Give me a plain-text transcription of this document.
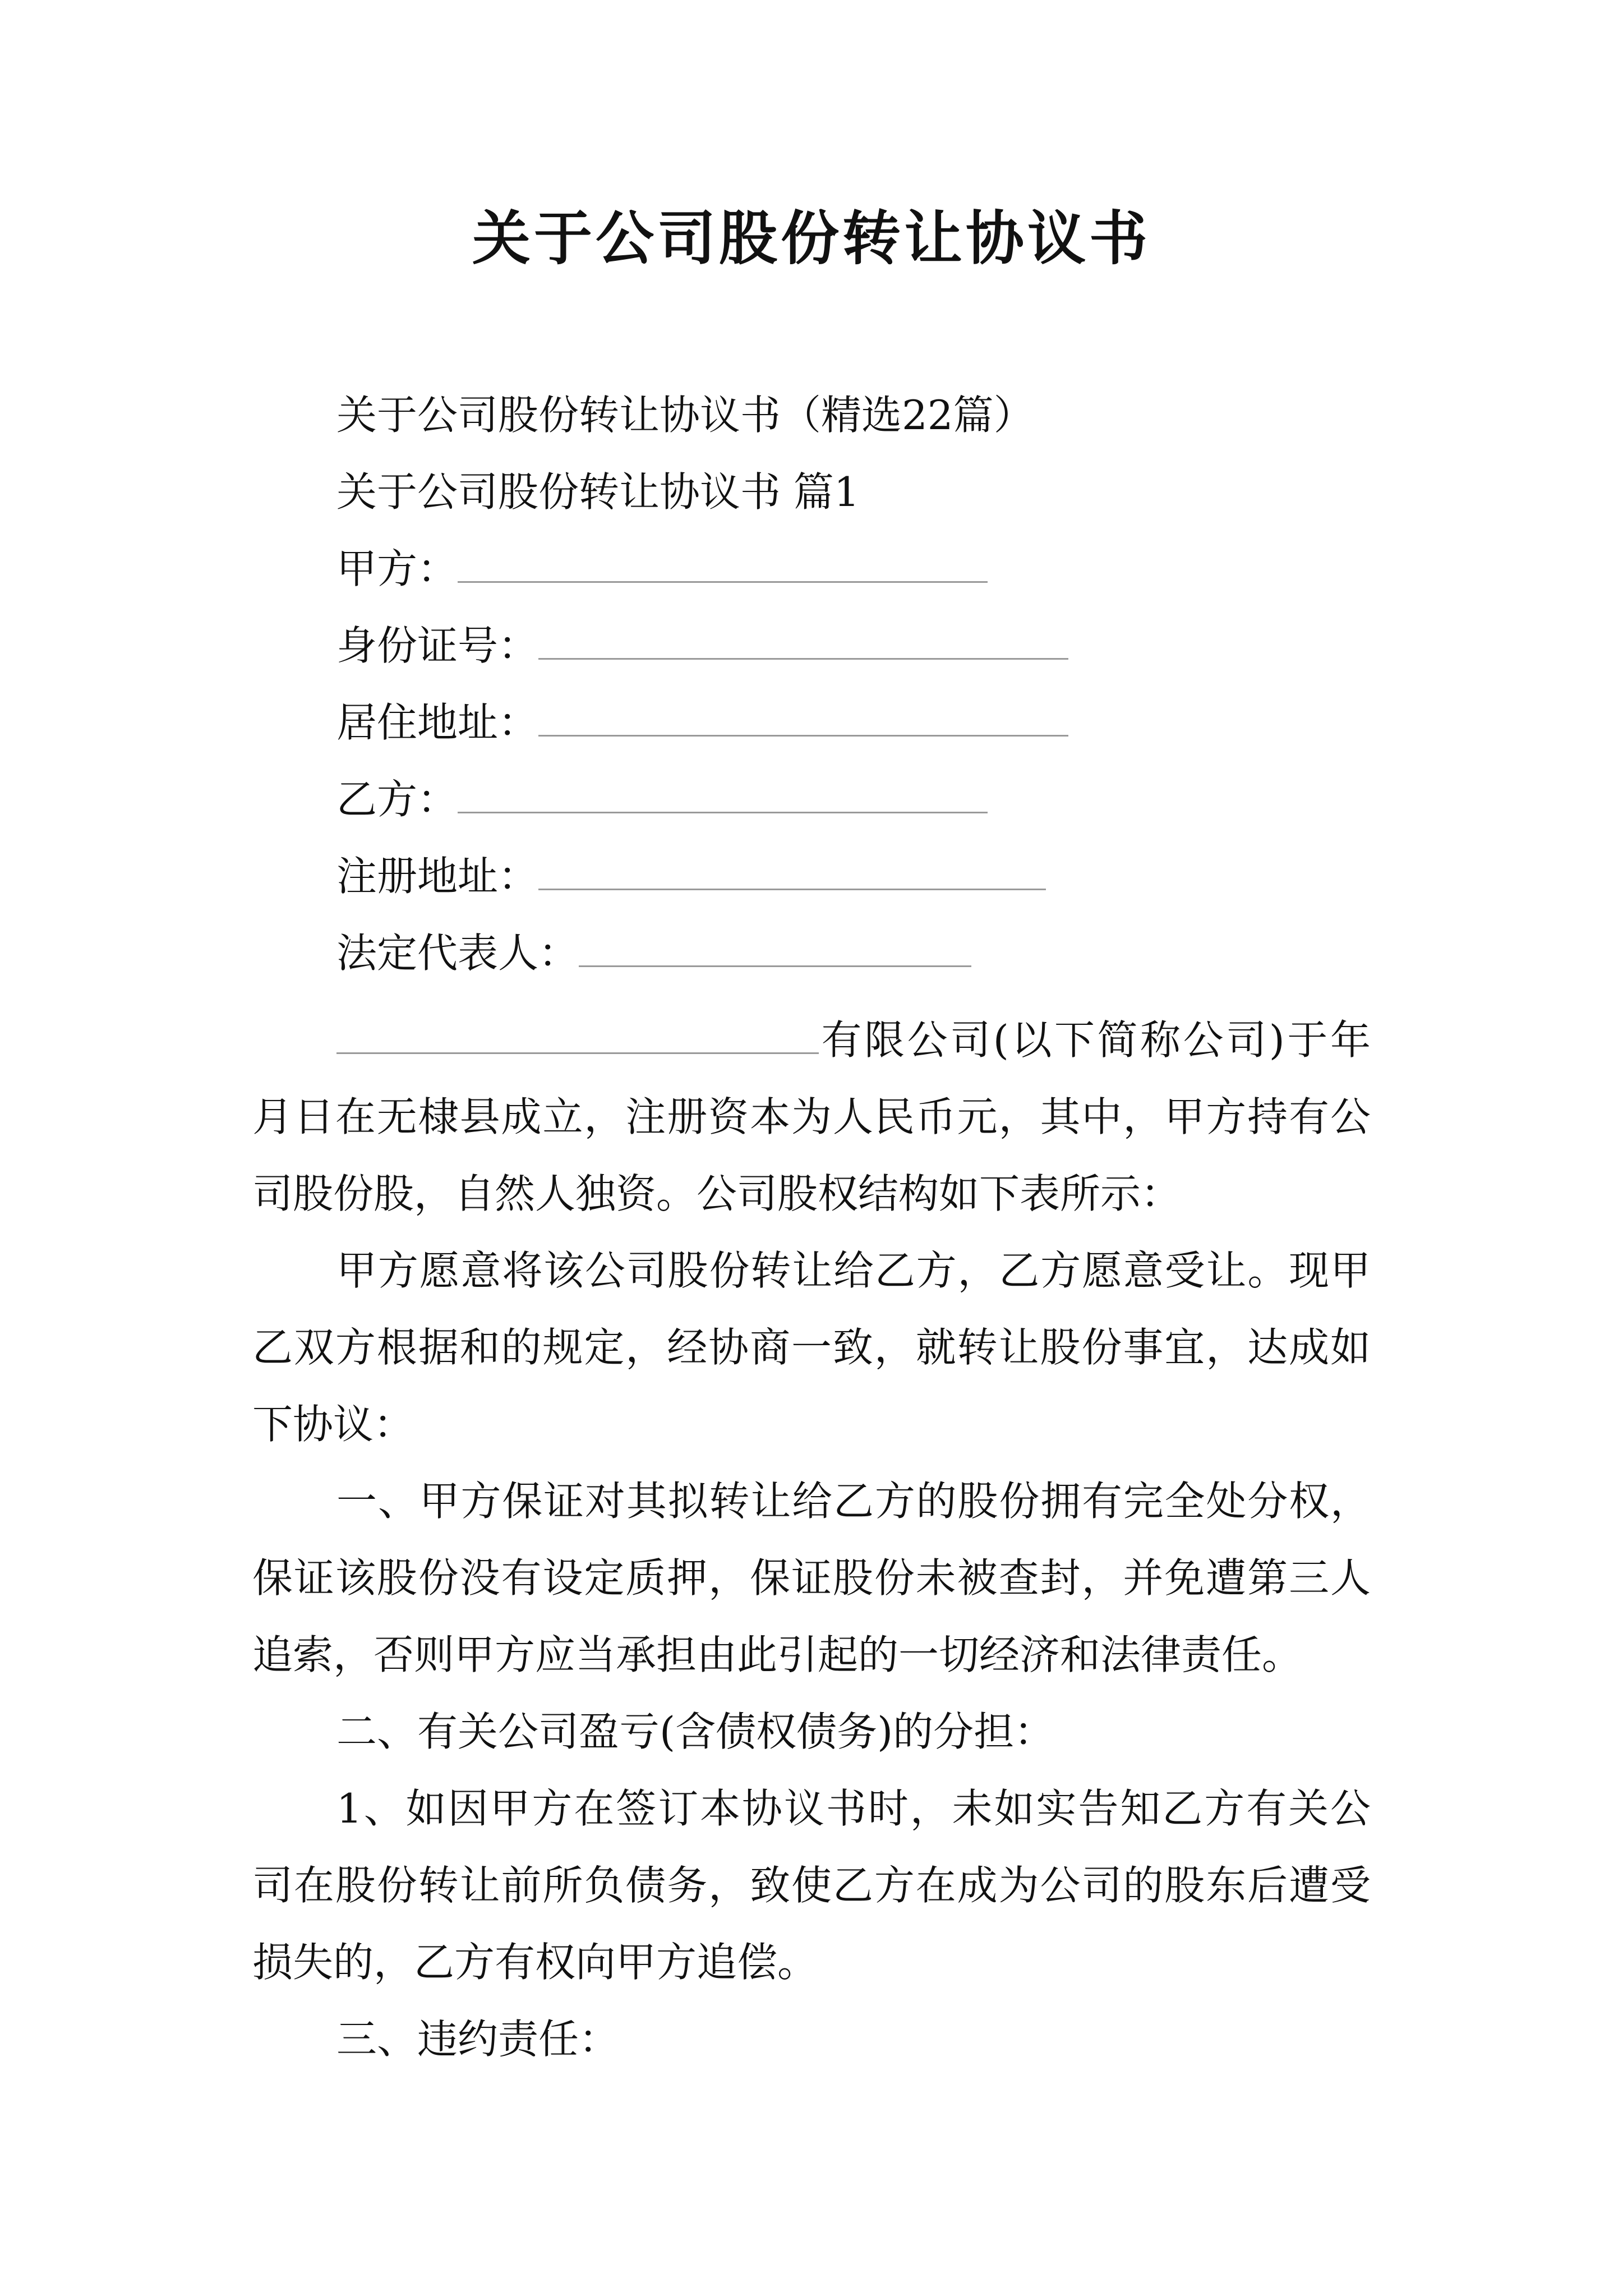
关于公司股份转让协议书
关于公司股份转让协议书（精选22篇）
关于公司股份转让协议书 篇1
甲方：
身份证号：
居住地址：
乙方：
注册地址：
法定代表人：

有限公司(以下简称公司)于年月日在无棣县成立，注册资本为人民币元，其中，甲方持有公司股份股，自然人独资。公司股权结构如下表所示：

甲方愿意将该公司股份转让给乙方，乙方愿意受让。现甲乙双方根据和的规定，经协商一致，就转让股份事宜，达成如下协议：

一、甲方保证对其拟转让给乙方的股份拥有完全处分权，保证该股份没有设定质押，保证股份未被查封，并免遭第三人追索，否则甲方应当承担由此引起的一切经济和法律责任。

二、有关公司盈亏(含债权债务)的分担：

1、如因甲方在签订本协议书时，未如实告知乙方有关公司在股份转让前所负债务，致使乙方在成为公司的股东后遭受损失的，乙方有权向甲方追偿。

三、违约责任：
